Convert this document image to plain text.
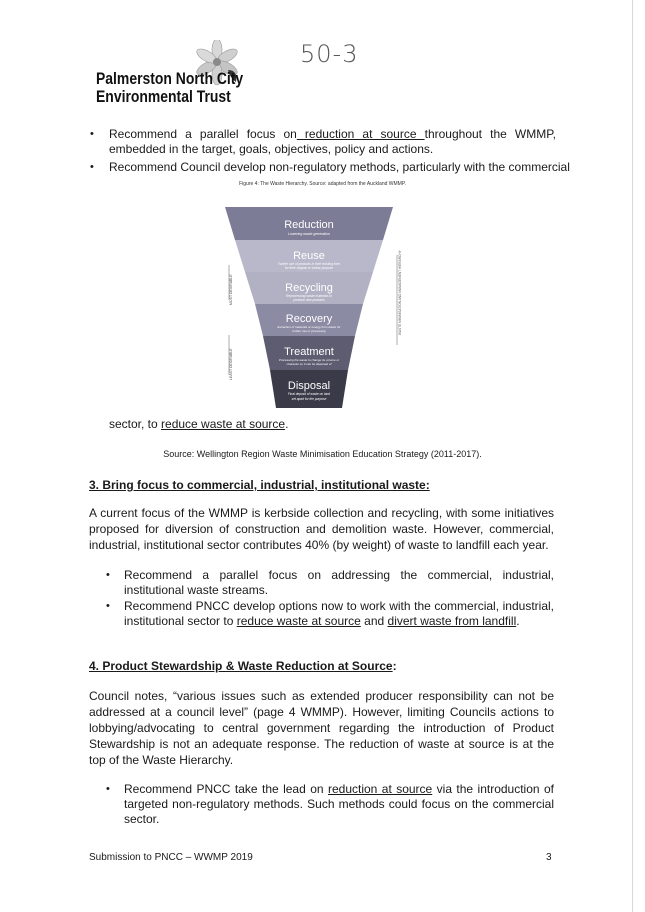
50-3
Palmerston North City
Environmental Trust
• Recommend a parallel focus on reduction at source throughout the WMMP, embedded in the target, goals, objectives, policy and actions.
• Recommend Council develop non-regulatory methods, particularly with the commercial
Figure 4: The Waste Hierarchy. Source: adapted from the Auckland WMMP.
MOST DESIRABLE
LEAST DESIRABLE
WASTE MINIMISATION AND MANAGEMENT HIERARCHY
Reduction
Lowering waste generation
Reuse
Further use of products in their existing form
for their original or similar purpose
Recycling
Reprocessing waste materials to
produce new products
Recovery
Extraction of materials or energy from waste for
further use or processing
Treatment
Processing the waste to change its volume or
character so it can be disposed of
Disposal
Final deposit of waste on land
set apart for the purpose
sector, to reduce waste at source.
Source: Wellington Region Waste Minimisation Education Strategy (2011-2017).
3. Bring focus to commercial, industrial, institutional waste:
A current focus of the WMMP is kerbside collection and recycling, with some initiatives proposed for diversion of construction and demolition waste. However, commercial, industrial, institutional sector contributes 40% (by weight) of waste to landfill each year.
• Recommend a parallel focus on addressing the commercial, industrial, institutional waste streams.
• Recommend PNCC develop options now to work with the commercial, industrial, institutional sector to reduce waste at source and divert waste from landfill.
4. Product Stewardship & Waste Reduction at Source:
Council notes, “various issues such as extended producer responsibility can not be addressed at a council level” (page 4 WMMP). However, limiting Councils actions to lobbying/advocating to central government regarding the introduction of Product Stewardship is not an adequate response. The reduction of waste at source is at the top of the Waste Hierarchy.
• Recommend PNCC take the lead on reduction at source via the introduction of targeted non-regulatory methods. Such methods could focus on the commercial sector.
Submission to PNCC – WWMP 2019	3
